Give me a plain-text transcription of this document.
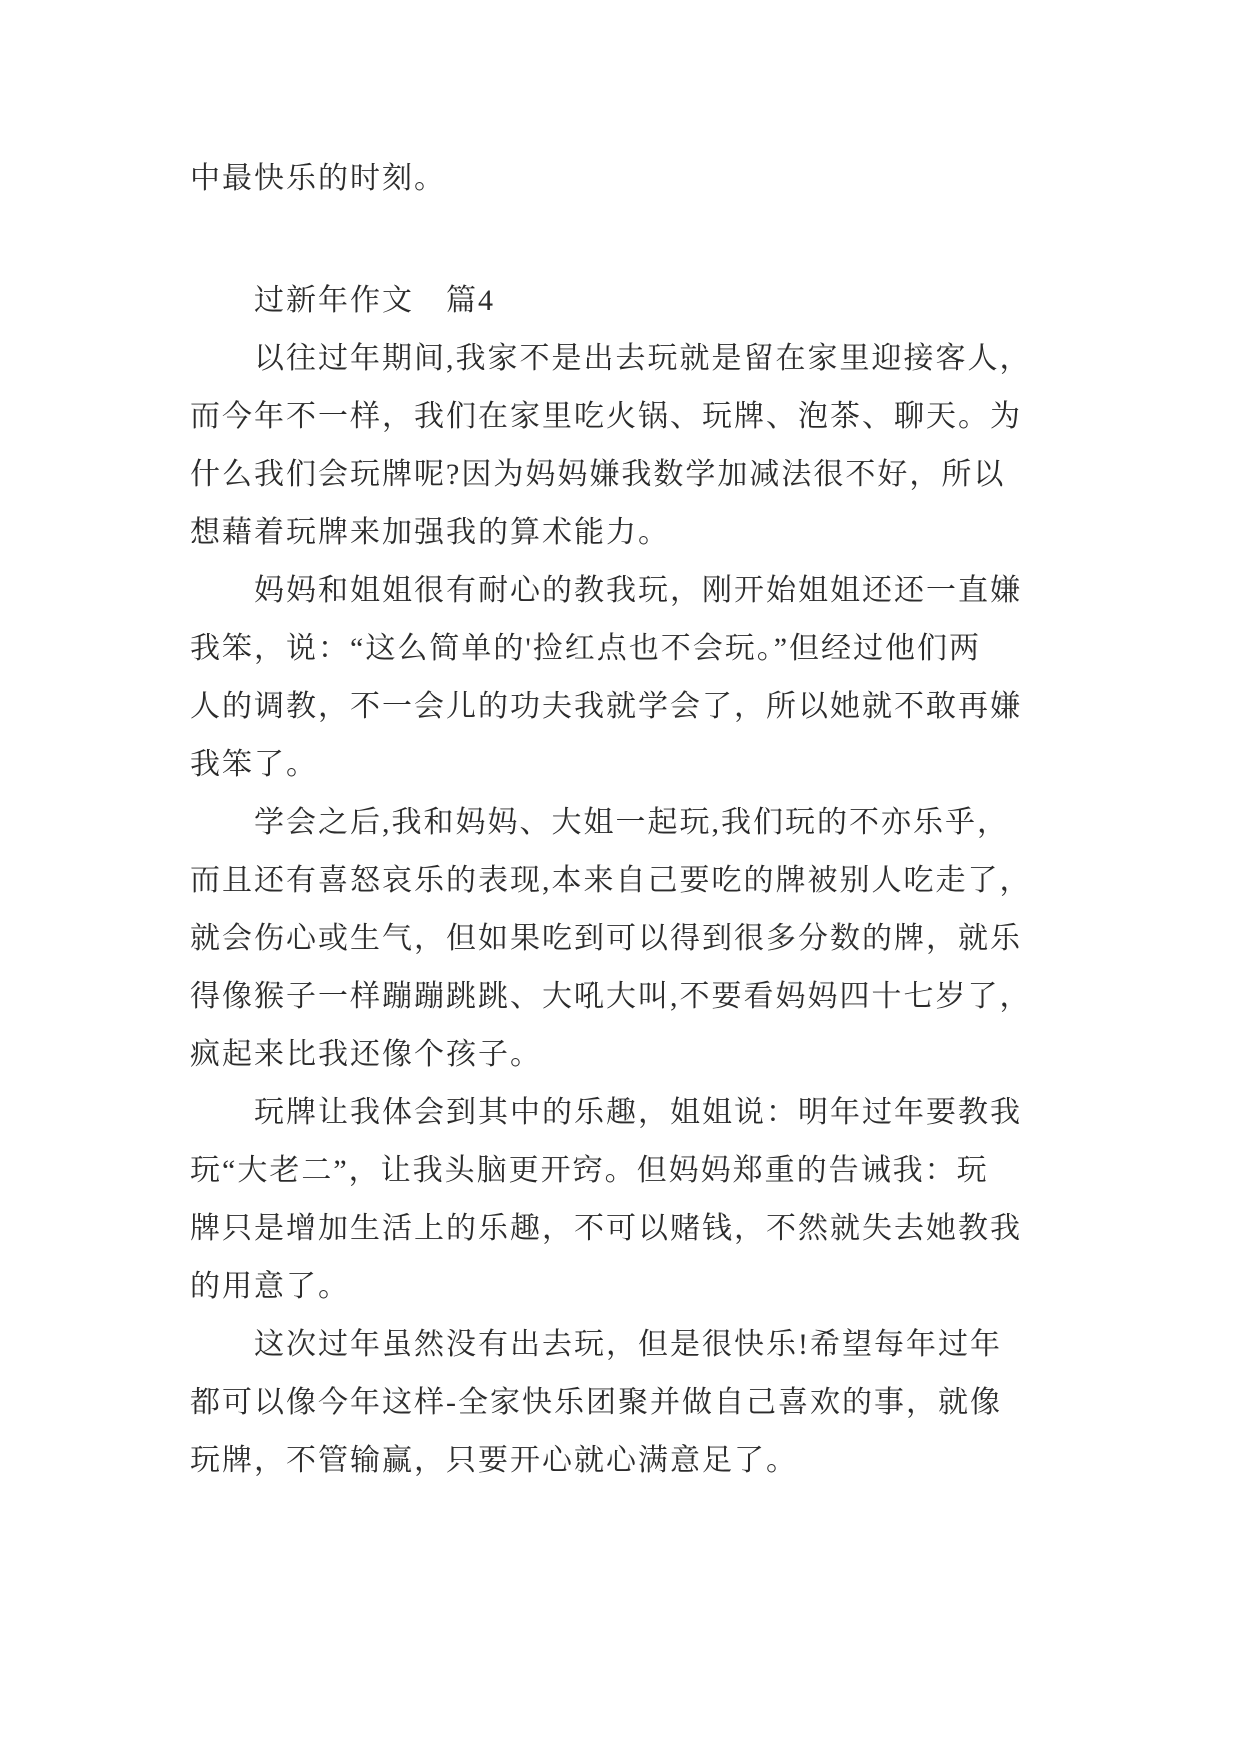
中最快乐的时刻。
过新年作文　篇4
以往过年期间,我家不是出去玩就是留在家里迎接客人，
而今年不一样，我们在家里吃火锅、玩牌、泡茶、聊天。为
什么我们会玩牌呢?因为妈妈嫌我数学加减法很不好，所以
想藉着玩牌来加强我的算术能力。
妈妈和姐姐很有耐心的教我玩，刚开始姐姐还还一直嫌
我笨，说：“这么简单的'捡红点也不会玩。”但经过他们两
人的调教，不一会儿的功夫我就学会了，所以她就不敢再嫌
我笨了。
学会之后,我和妈妈、大姐一起玩,我们玩的不亦乐乎，
而且还有喜怒哀乐的表现,本来自己要吃的牌被别人吃走了，
就会伤心或生气，但如果吃到可以得到很多分数的牌，就乐
得像猴子一样蹦蹦跳跳、大吼大叫,不要看妈妈四十七岁了，
疯起来比我还像个孩子。
玩牌让我体会到其中的乐趣，姐姐说：明年过年要教我
玩“大老二”，让我头脑更开窍。但妈妈郑重的告诫我：玩
牌只是增加生活上的乐趣，不可以赌钱，不然就失去她教我
的用意了。
这次过年虽然没有出去玩，但是很快乐!希望每年过年
都可以像今年这样-全家快乐团聚并做自己喜欢的事，就像
玩牌，不管输赢，只要开心就心满意足了。
